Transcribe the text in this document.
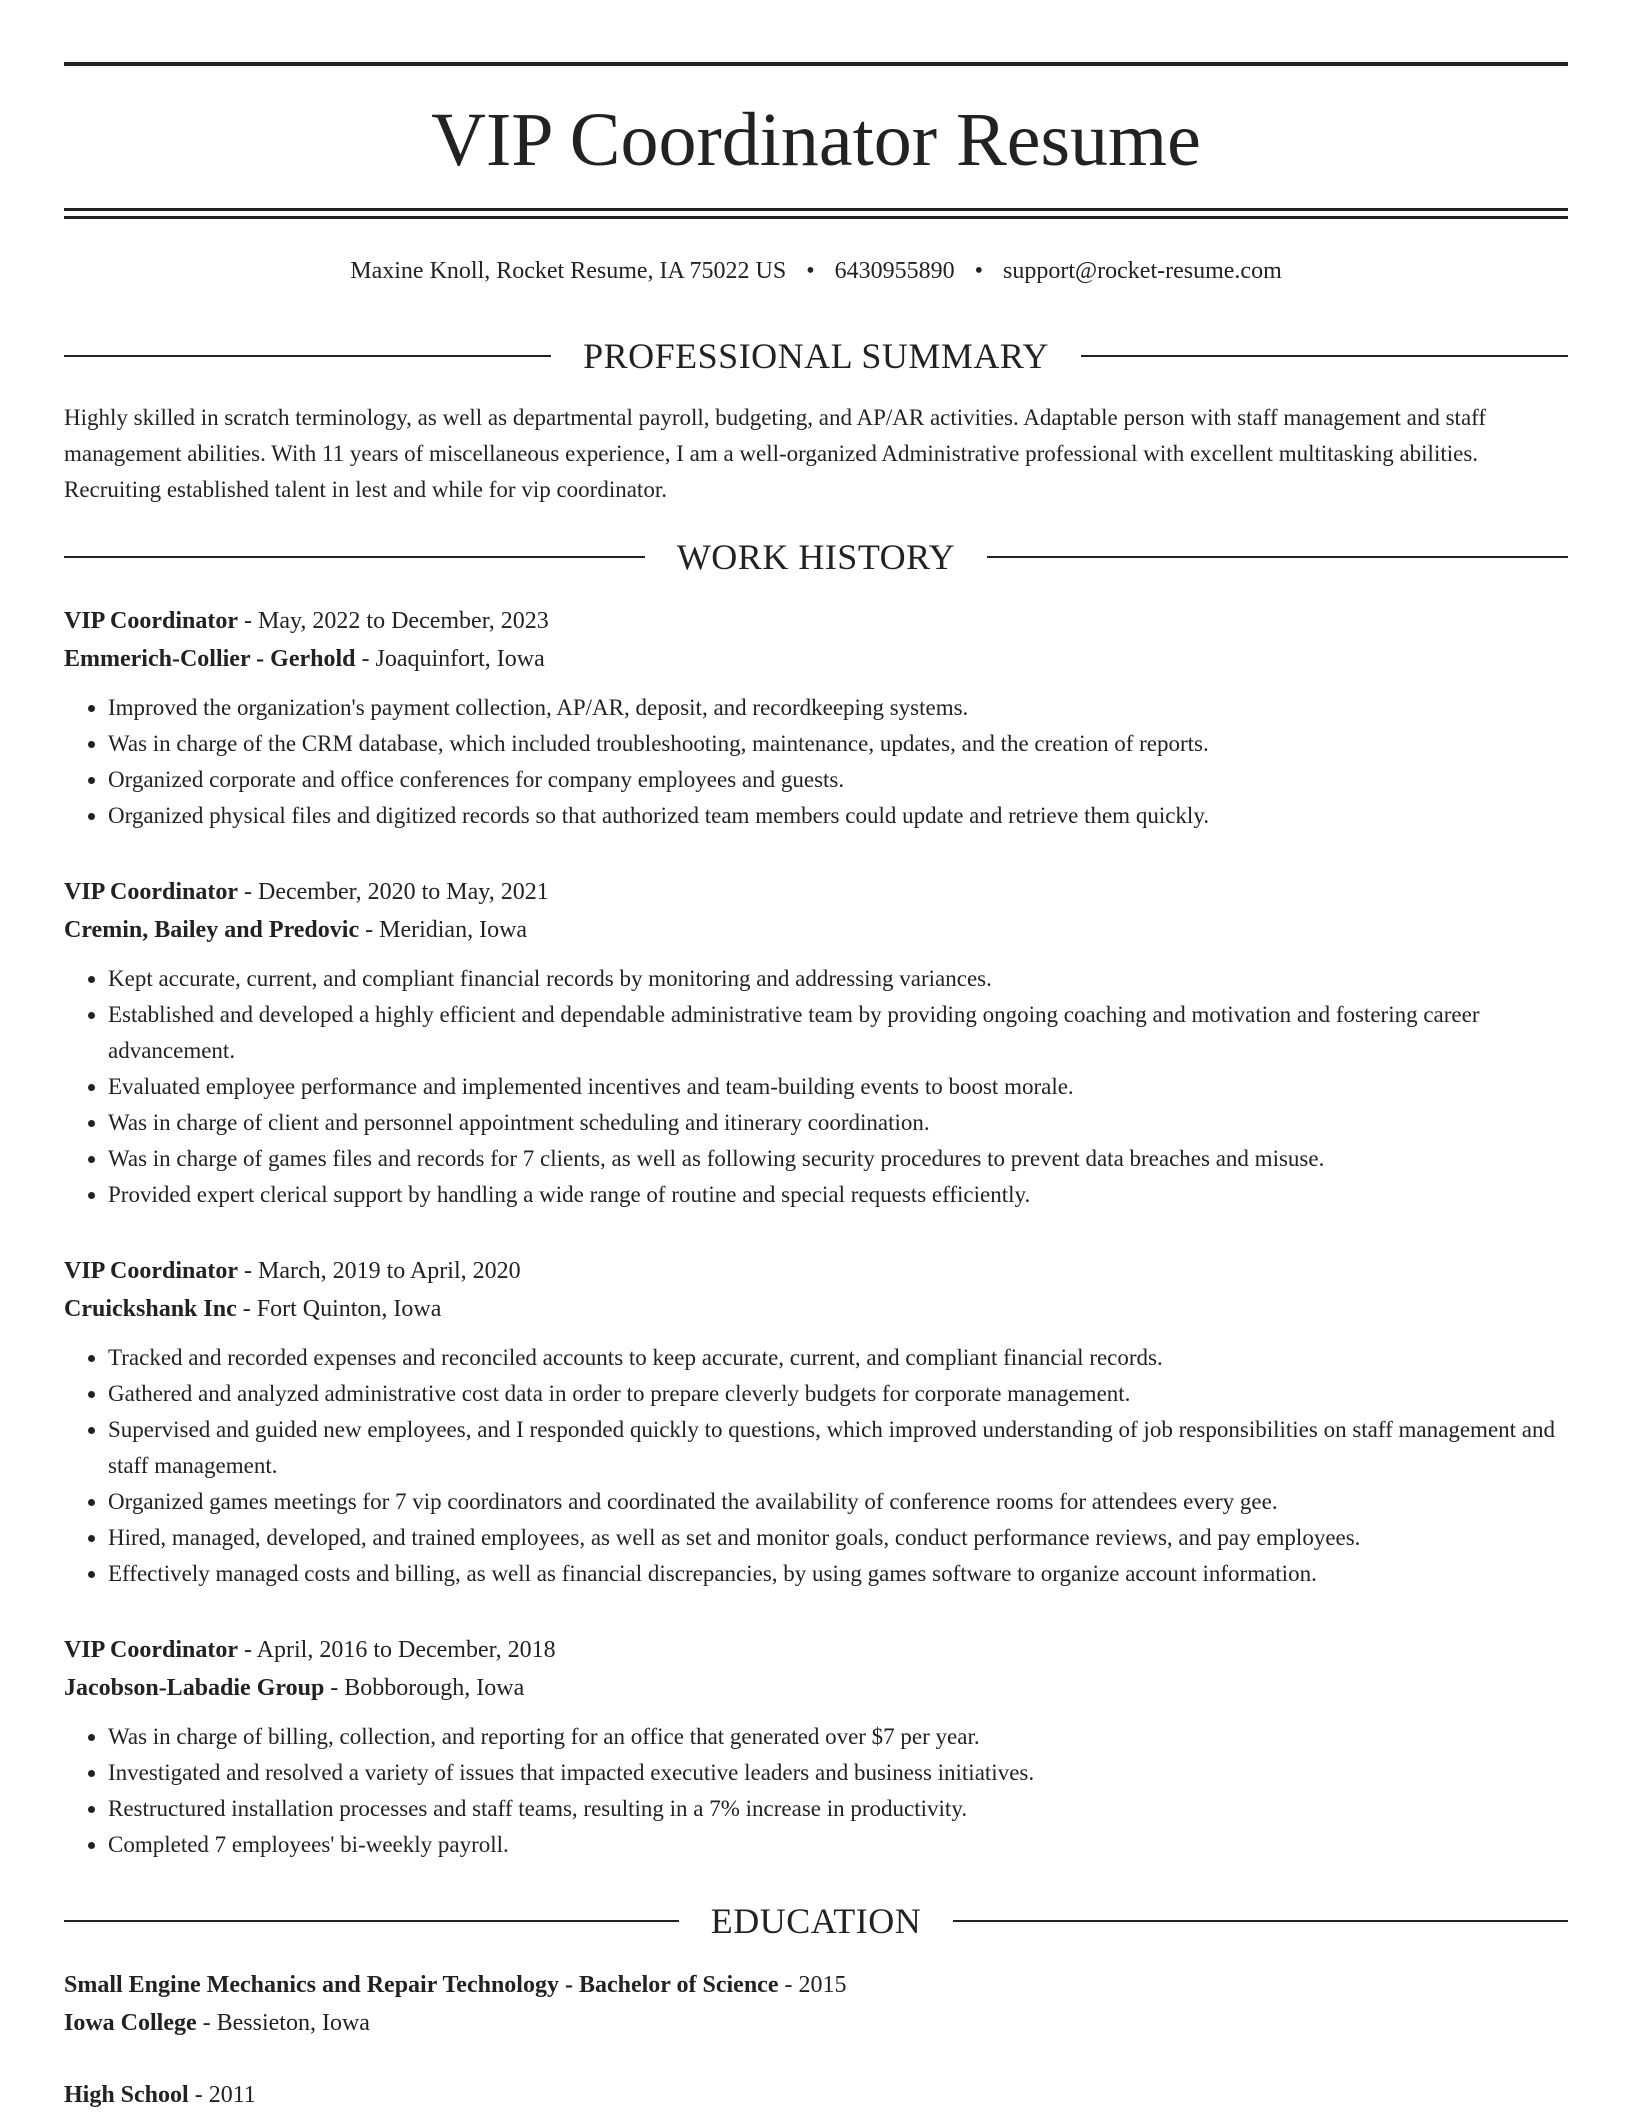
VIP Coordinator Resume
Maxine Knoll, Rocket Resume, IA 75022 US • 6430955890 • support@rocket-resume.com
PROFESSIONAL SUMMARY
Highly skilled in scratch terminology, as well as departmental payroll, budgeting, and AP/AR activities. Adaptable person with staff management and staff management abilities. With 11 years of miscellaneous experience, I am a well-organized Administrative professional with excellent multitasking abilities. Recruiting established talent in lest and while for vip coordinator.
WORK HISTORY
VIP Coordinator - May, 2022 to December, 2023
Emmerich-Collier - Gerhold - Joaquinfort, Iowa
• Improved the organization's payment collection, AP/AR, deposit, and recordkeeping systems.
• Was in charge of the CRM database, which included troubleshooting, maintenance, updates, and the creation of reports.
• Organized corporate and office conferences for company employees and guests.
• Organized physical files and digitized records so that authorized team members could update and retrieve them quickly.
VIP Coordinator - December, 2020 to May, 2021
Cremin, Bailey and Predovic - Meridian, Iowa
• Kept accurate, current, and compliant financial records by monitoring and addressing variances.
• Established and developed a highly efficient and dependable administrative team by providing ongoing coaching and motivation and fostering career advancement.
• Evaluated employee performance and implemented incentives and team-building events to boost morale.
• Was in charge of client and personnel appointment scheduling and itinerary coordination.
• Was in charge of games files and records for 7 clients, as well as following security procedures to prevent data breaches and misuse.
• Provided expert clerical support by handling a wide range of routine and special requests efficiently.
VIP Coordinator - March, 2019 to April, 2020
Cruickshank Inc - Fort Quinton, Iowa
• Tracked and recorded expenses and reconciled accounts to keep accurate, current, and compliant financial records.
• Gathered and analyzed administrative cost data in order to prepare cleverly budgets for corporate management.
• Supervised and guided new employees, and I responded quickly to questions, which improved understanding of job responsibilities on staff management and staff management.
• Organized games meetings for 7 vip coordinators and coordinated the availability of conference rooms for attendees every gee.
• Hired, managed, developed, and trained employees, as well as set and monitor goals, conduct performance reviews, and pay employees.
• Effectively managed costs and billing, as well as financial discrepancies, by using games software to organize account information.
VIP Coordinator - April, 2016 to December, 2018
Jacobson-Labadie Group - Bobborough, Iowa
• Was in charge of billing, collection, and reporting for an office that generated over $7 per year.
• Investigated and resolved a variety of issues that impacted executive leaders and business initiatives.
• Restructured installation processes and staff teams, resulting in a 7% increase in productivity.
• Completed 7 employees' bi-weekly payroll.
EDUCATION
Small Engine Mechanics and Repair Technology - Bachelor of Science - 2015
Iowa College - Bessieton, Iowa
High School - 2011
